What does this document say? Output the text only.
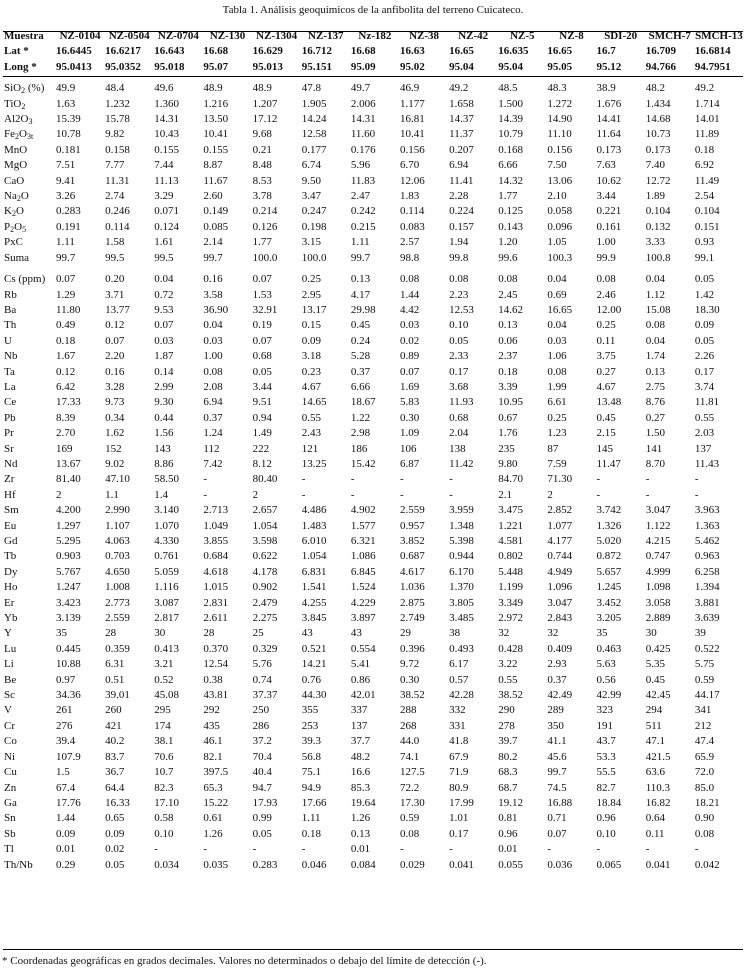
Tabla 1. Análisis geoquímicos de la anfibolita del terreno Cuicateco.
Muestra	NZ-0104	NZ-0504	NZ-0704	NZ-130	NZ-1304	NZ-137	Nz-182	NZ-38	NZ-42	NZ-5	NZ-8	SDI-20	SMCH-7	SMCH-13
Lat *	16.6445	16.6217	16.643	16.68	16.629	16.712	16.68	16.63	16.65	16.635	16.65	16.7	16.709	16.6814
Long *	95.0413	95.0352	95.018	95.07	95.013	95.151	95.09	95.02	95.04	95.04	95.05	95.12	94.766	94.7951

SiO$_2$ (%)	49.9	48.4	49.6	48.9	48.9	47.8	49.7	46.9	49.2	48.5	48.3	38.9	48.2	49.2
TiO$_2$	1.63	1.232	1.360	1.216	1.207	1.905	2.006	1.177	1.658	1.500	1.272	1.676	1.434	1.714
$Al2O_3$	15.39	15.78	14.31	13.50	17.12	14.24	14.31	16.81	14.37	14.39	14.90	14.41	14.68	14.01
$Fe_2O_{3t}$	10.78	9.82	10.43	10.41	9.68	12.58	11.60	10.41	11.37	10.79	11.10	11.64	10.73	11.89
MnO	0.181	0.158	0.155	0.155	0.21	0.177	0.176	0.156	0.207	0.168	0.156	0.173	0.173	0.18
MgO	7.51	7.77	7.44	8.87	8.48	6.74	5.96	6.70	6.94	6.66	7.50	7.63	7.40	6.92
CaO	9.41	11.31	11.13	11.67	8.53	9.50	11.83	12.06	11.41	14.32	13.06	10.62	12.72	11.49
$Na_2O$	3.26	2.74	3.29	2.60	3.78	3.47	2.47	1.83	2.28	1.77	2.10	3.44	1.89	2.54
$K_2O$	0.283	0.246	0.071	0.149	0.214	0.247	0.242	0.114	0.224	0.125	0.058	0.221	0.104	0.104
$P_2O_5$	0.191	0.114	0.124	0.085	0.126	0.198	0.215	0.083	0.157	0.143	0.096	0.161	0.132	0.151
PxC	1.11	1.58	1.61	2.14	1.77	3.15	1.11	2.57	1.94	1.20	1.05	1.00	3.33	0.93
Suma	99.7	99.5	99.5	99.7	100.0	100.0	99.7	98.8	99.8	99.6	100.3	99.9	100.8	99.1

Cs (ppm)	0.07	0.20	0.04	0.16	0.07	0.25	0.13	0.08	0.08	0.08	0.04	0.08	0.04	0.05
Rb	1.29	3.71	0.72	3.58	1.53	2.95	4.17	1.44	2.23	2.45	0.69	2.46	1.12	1.42
Ba	11.80	13.77	9.53	36.90	32.91	13.17	29.98	4.42	12.53	14.62	16.65	12.00	15.08	18.30
Th	0.49	0.12	0.07	0.04	0.19	0.15	0.45	0.03	0.10	0.13	0.04	0.25	0.08	0.09
U	0.18	0.07	0.03	0.03	0.07	0.09	0.24	0.02	0.05	0.06	0.03	0.11	0.04	0.05
Nb	1.67	2.20	1.87	1.00	0.68	3.18	5.28	0.89	2.33	2.37	1.06	3.75	1.74	2.26
Ta	0.12	0.16	0.14	0.08	0.05	0.23	0.37	0.07	0.17	0.18	0.08	0.27	0.13	0.17
La	6.42	3.28	2.99	2.08	3.44	4.67	6.66	1.69	3.68	3.39	1.99	4.67	2.75	3.74
Ce	17.33	9.73	9.30	6.94	9.51	14.65	18.67	5.83	11.93	10.95	6.61	13.48	8.76	11.81
Pb	8.39	0.34	0.44	0.37	0.94	0.55	1.22	0.30	0.68	0.67	0.25	0.45	0.27	0.55
Pr	2.70	1.62	1.56	1.24	1.49	2.43	2.98	1.09	2.04	1.76	1.23	2.15	1.50	2.03
Sr	169	152	143	112	222	121	186	106	138	235	87	145	141	137
Nd	13.67	9.02	8.86	7.42	8.12	13.25	15.42	6.87	11.42	9.80	7.59	11.47	8.70	11.43
Zr	81.40	47.10	58.50	-	80.40	-	-	-	-	84.70	71.30	-	-	-
Hf	2	1.1	1.4	-	2	-	-	-	-	2.1	2	-	-	-
Sm	4.200	2.990	3.140	2.713	2.657	4.486	4.902	2.559	3.959	3.475	2.852	3.742	3.047	3.963
Eu	1.297	1.107	1.070	1.049	1.054	1.483	1.577	0.957	1.348	1.221	1.077	1.326	1.122	1.363
Gd	5.295	4.063	4.330	3.855	3.598	6.010	6.321	3.852	5.398	4.581	4.177	5.020	4.215	5.462
Tb	0.903	0.703	0.761	0.684	0.622	1.054	1.086	0.687	0.944	0.802	0.744	0.872	0.747	0.963
Dy	5.767	4.650	5.059	4.618	4.178	6.831	6.845	4.617	6.170	5.448	4.949	5.657	4.999	6.258
Ho	1.247	1.008	1.116	1.015	0.902	1.541	1.524	1.036	1.370	1.199	1.096	1.245	1.098	1.394
Er	3.423	2.773	3.087	2.831	2.479	4.255	4.229	2.875	3.805	3.349	3.047	3.452	3.058	3.881
Yb	3.139	2.559	2.817	2.611	2.275	3.845	3.897	2.749	3.485	2.972	2.843	3.205	2.889	3.639
Y	35	28	30	28	25	43	43	29	38	32	32	35	30	39
Lu	0.445	0.359	0.413	0.370	0.329	0.521	0.554	0.396	0.493	0.428	0.409	0.463	0.425	0.522
Li	10.88	6.31	3.21	12.54	5.76	14.21	5.41	9.72	6.17	3.22	2.93	5.63	5.35	5.75
Be	0.97	0.51	0.52	0.38	0.74	0.76	0.86	0.30	0.57	0.55	0.37	0.56	0.45	0.59
Sc	34.36	39.01	45.08	43.81	37.37	44.30	42.01	38.52	42.28	38.52	42.49	42.99	42.45	44.17
V	261	260	295	292	250	355	337	288	332	290	289	323	294	341
Cr	276	421	174	435	286	253	137	268	331	278	350	191	511	212
Co	39.4	40.2	38.1	46.1	37.2	39.3	37.7	44.0	41.8	39.7	41.1	43.7	47.1	47.4
Ni	107.9	83.7	70.6	82.1	70.4	56.8	48.2	74.1	67.9	80.2	45.6	53.3	421.5	65.9
Cu	1.5	36.7	10.7	397.5	40.4	75.1	16.6	127.5	71.9	68.3	99.7	55.5	63.6	72.0
Zn	67.4	64.4	82.3	65.3	94.7	94.9	85.3	72.2	80.9	68.7	74.5	82.7	110.3	85.0
Ga	17.76	16.33	17.10	15.22	17.93	17.66	19.64	17.30	17.99	19.12	16.88	18.84	16.82	18.21
Sn	1.44	0.65	0.58	0.61	0.99	1.11	1.26	0.59	1.01	0.81	0.71	0.96	0.64	0.90
Sb	0.09	0.09	0.10	1.26	0.05	0.18	0.13	0.08	0.17	0.96	0.07	0.10	0.11	0.08
Tl	0.01	0.02	-	-	-	-	0.01	-	-	0.01	-	-	-	-
Th/Nb	0.29	0.05	0.034	0.035	0.283	0.046	0.084	0.029	0.041	0.055	0.036	0.065	0.041	0.042
* Coordenadas geográficas en grados decimales. Valores no determinados o debajo del límite de detección (-).
